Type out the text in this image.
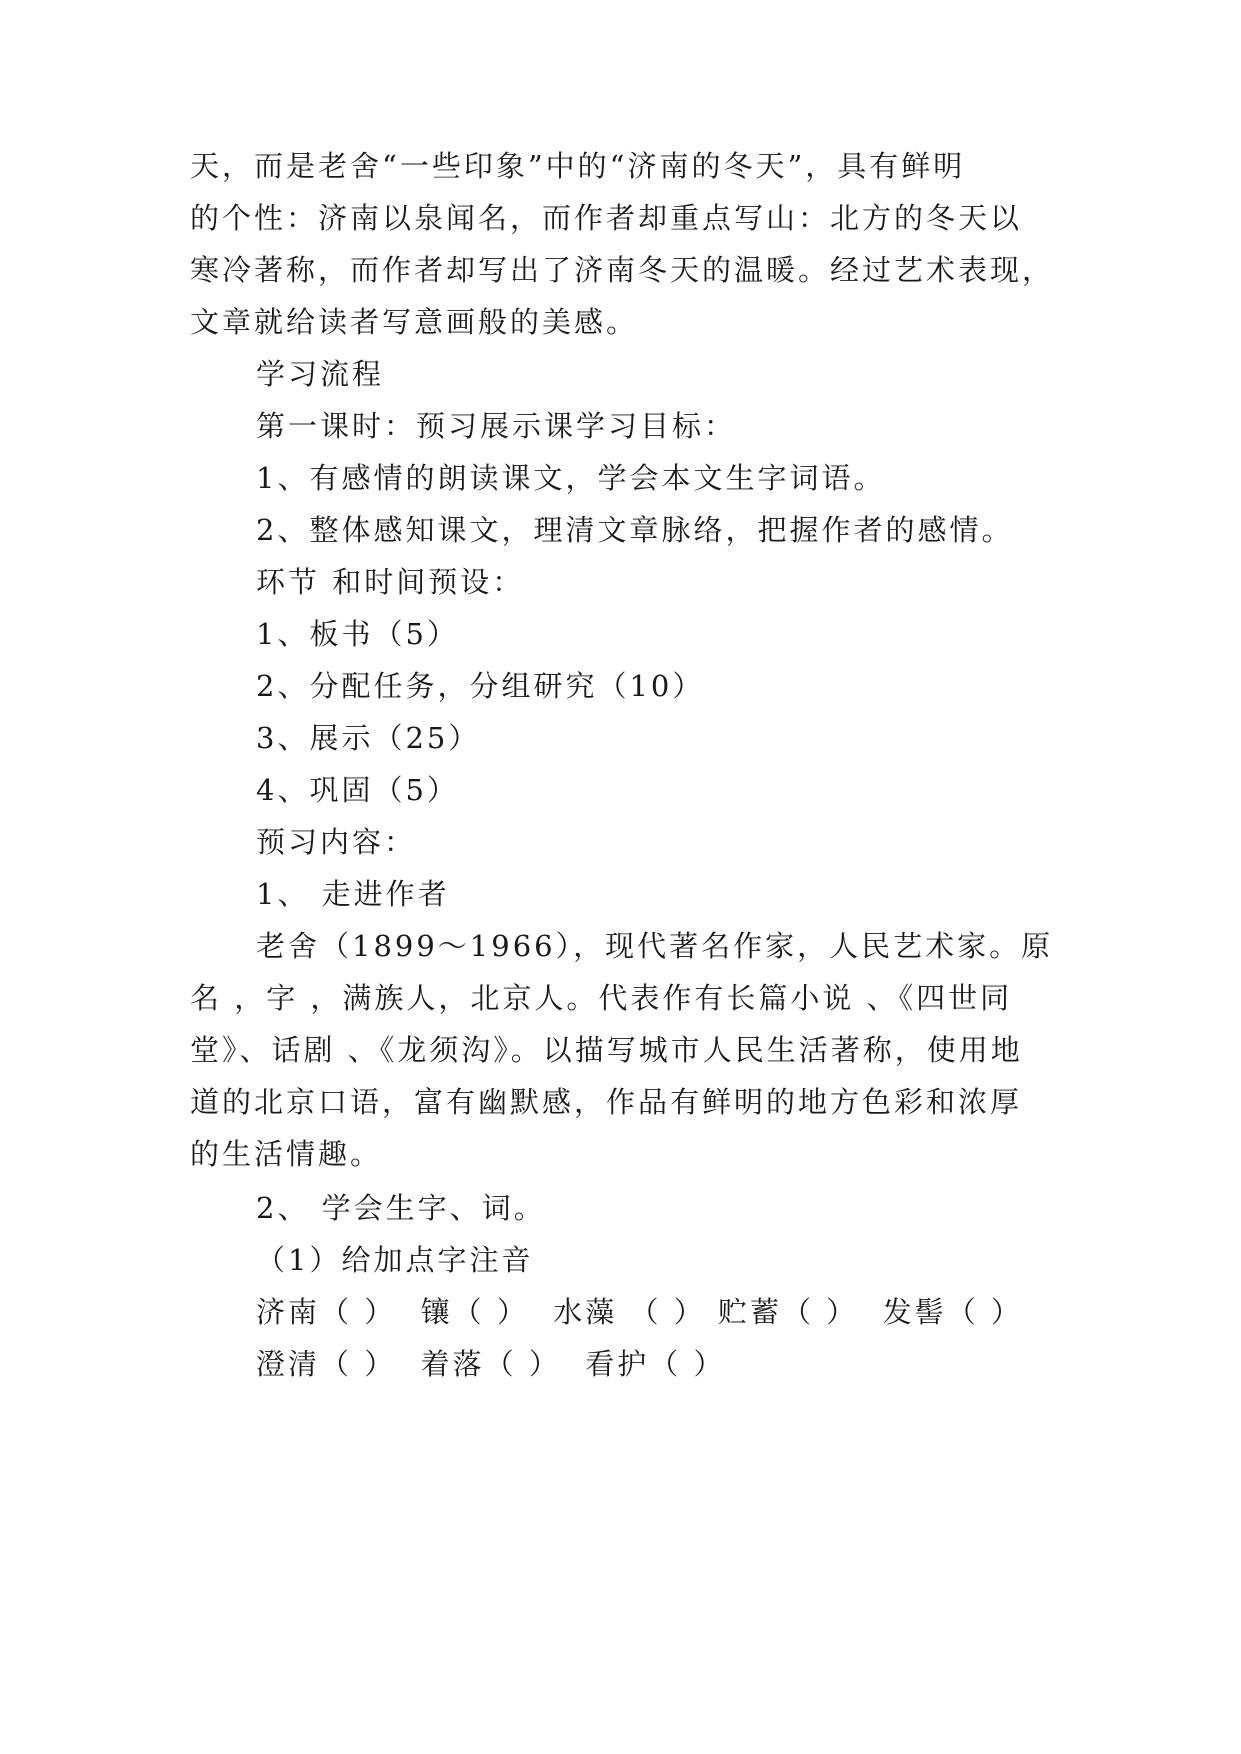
天，而是老舍“一些印象”中的“济南的冬天”，具有鲜明
的个性：济南以泉闻名，而作者却重点写山：北方的冬天以
寒冷著称，而作者却写出了济南冬天的温暖。经过艺术表现，
文章就给读者写意画般的美感。
学习流程
第一课时：预习展示课学习目标：
1、有感情的朗读课文，学会本文生字词语。
2、整体感知课文，理清文章脉络，把握作者的感情。
环节 和时间预设：
1、板书（5）
2、分配任务，分组研究（10）
3、展示（25）
4、巩固（5）
预习内容：
1、 走进作者
老舍（1899～1966），现代著名作家，人民艺术家。原
名 ，字 ，满族人，北京人。代表作有长篇小说 、《四世同
堂》、话剧 、《龙须沟》。以描写城市人民生活著称，使用地
道的北京口语，富有幽默感，作品有鲜明的地方色彩和浓厚
的生活情趣。
2、 学会生字、词。
（1）给加点字注音
济南（ ）  镶（ ）  水藻 （ ） 贮蓄（ ）  发髻（ ）
澄清（ ）  着落（ ）  看护（ ）
